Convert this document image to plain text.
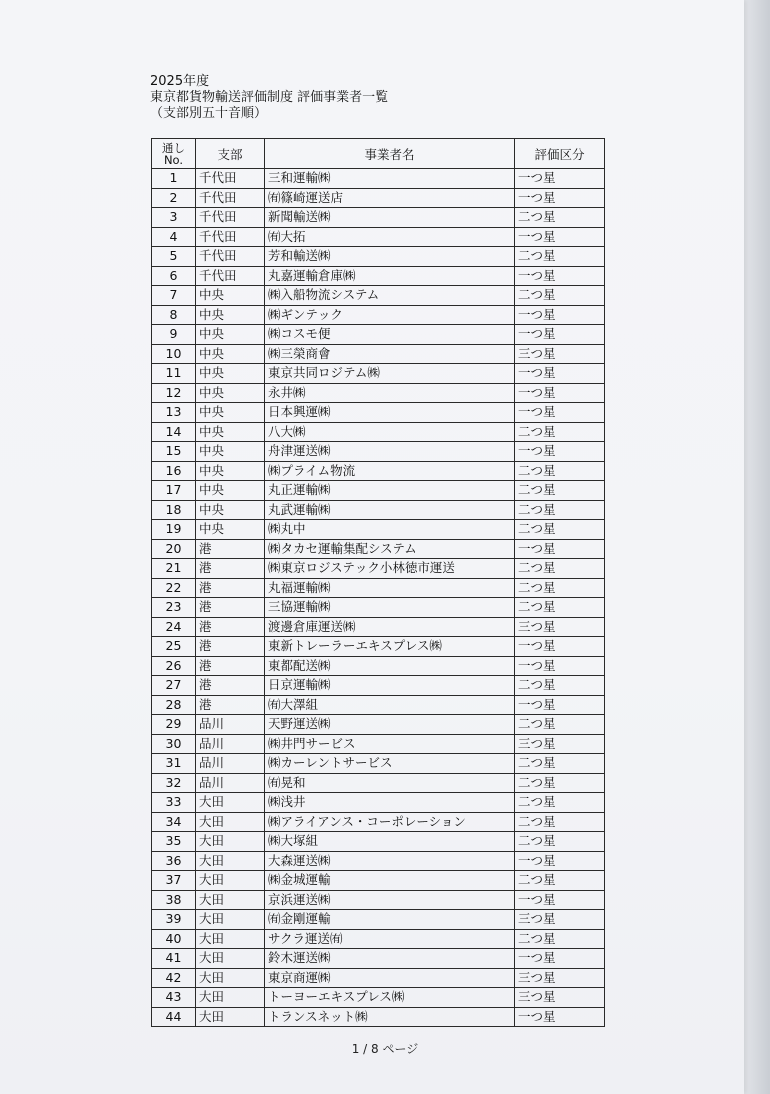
2025年度
東京都貨物輸送評価制度 評価事業者一覧
（支部別五十音順）
通し
No.	支部	事業者名	評価区分
1	千代田	三和運輸㈱	一つ星
2	千代田	㈲篠崎運送店	一つ星
3	千代田	新聞輸送㈱	二つ星
4	千代田	㈲大拓	一つ星
5	千代田	芳和輸送㈱	二つ星
6	千代田	丸嘉運輸倉庫㈱	一つ星
7	中央	㈱入船物流システム	二つ星
8	中央	㈱ギンテック	一つ星
9	中央	㈱コスモ便	一つ星
10	中央	㈱三榮商會	三つ星
11	中央	東京共同ロジテム㈱	一つ星
12	中央	永井㈱	一つ星
13	中央	日本興運㈱	一つ星
14	中央	八大㈱	二つ星
15	中央	舟津運送㈱	一つ星
16	中央	㈱プライム物流	二つ星
17	中央	丸正運輸㈱	二つ星
18	中央	丸武運輸㈱	二つ星
19	中央	㈱丸中	二つ星
20	港	㈱タカセ運輸集配システム	一つ星
21	港	㈱東京ロジステック小林徳市運送	二つ星
22	港	丸福運輸㈱	二つ星
23	港	三協運輸㈱	二つ星
24	港	渡邊倉庫運送㈱	三つ星
25	港	東新トレーラーエキスプレス㈱	一つ星
26	港	東都配送㈱	一つ星
27	港	日京運輸㈱	二つ星
28	港	㈲大澤組	一つ星
29	品川	天野運送㈱	二つ星
30	品川	㈱井門サービス	三つ星
31	品川	㈱カーレントサービス	二つ星
32	品川	㈲晃和	二つ星
33	大田	㈱浅井	二つ星
34	大田	㈱アライアンス・コーポレーション	二つ星
35	大田	㈱大塚組	二つ星
36	大田	大森運送㈱	一つ星
37	大田	㈱金城運輸	二つ星
38	大田	京浜運送㈱	一つ星
39	大田	㈲金剛運輸	三つ星
40	大田	サクラ運送㈲	二つ星
41	大田	鈴木運送㈱	一つ星
42	大田	東京商運㈱	三つ星
43	大田	トーヨーエキスプレス㈱	三つ星
44	大田	トランスネット㈱	一つ星
1 / 8 ページ
